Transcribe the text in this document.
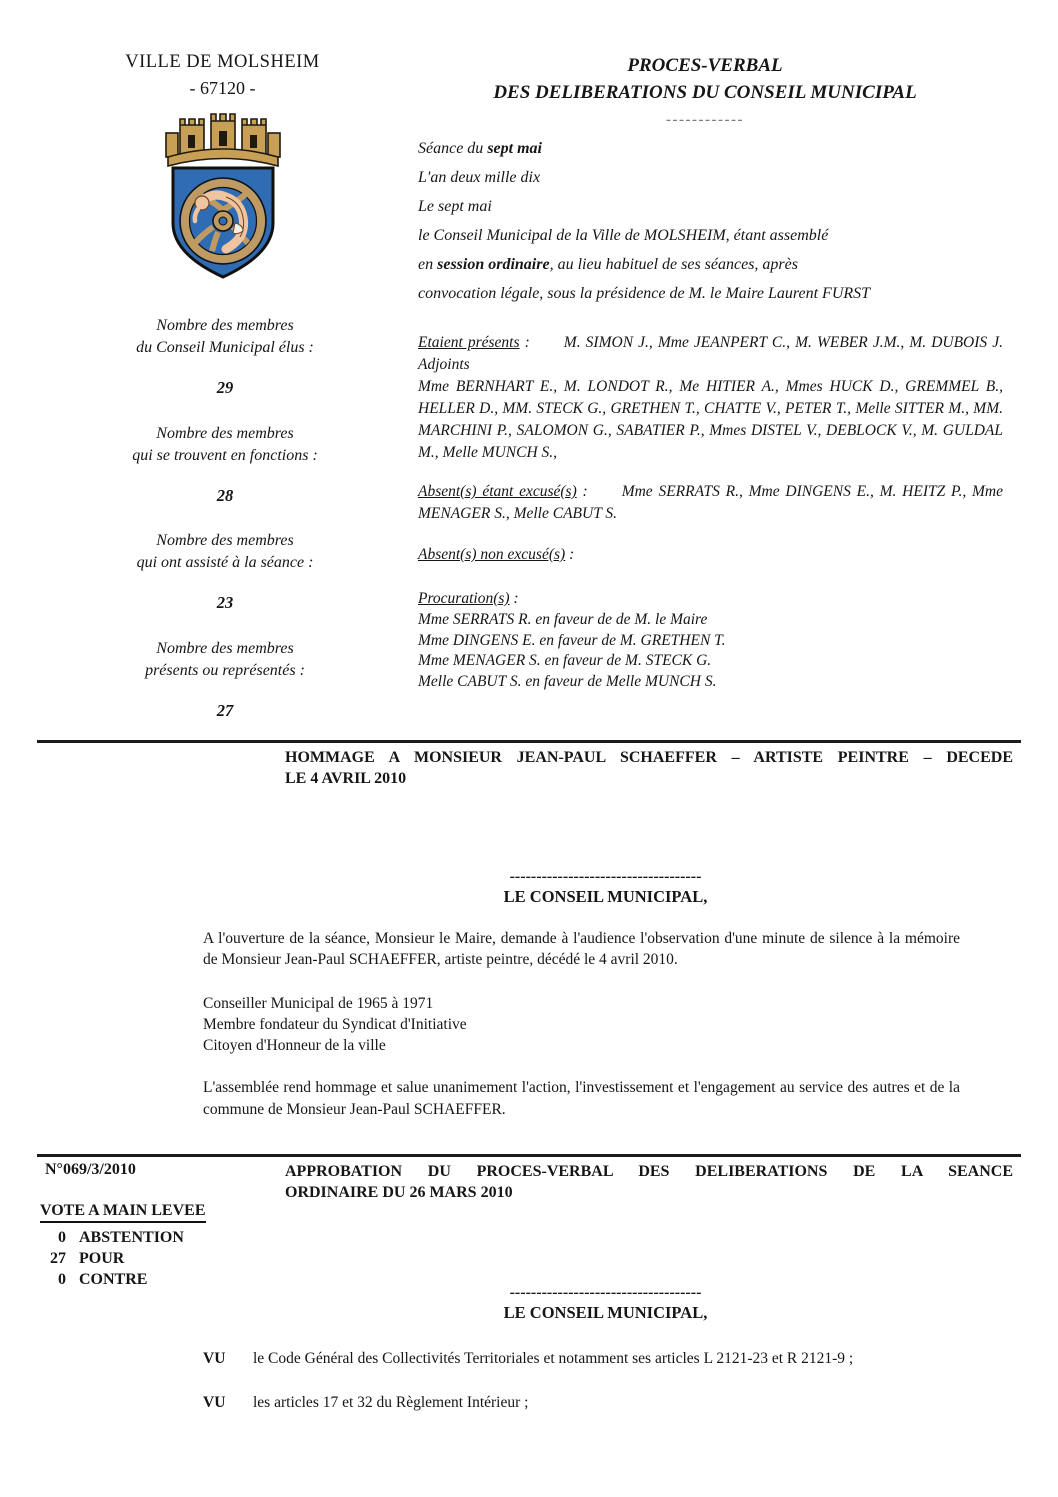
VILLE DE MOLSHEIM
- 67120 -
PROCES-VERBAL
DES DELIBERATIONS DU CONSEIL MUNICIPAL
------------
Séance du sept mai
L'an deux mille dix
Le sept mai
le Conseil Municipal de la Ville de MOLSHEIM, étant assemblé
en session ordinaire, au lieu habituel de ses séances, après
convocation légale, sous la présidence de M. le Maire Laurent FURST
Nombre des membres
du Conseil Municipal élus :
29
Nombre des membres
qui se trouvent en fonctions :
28
Nombre des membres
qui ont assisté à la séance :
23
Nombre des membres
présents ou représentés :
27

Etaient présents : M. SIMON J., Mme JEANPERT C., M. WEBER J.M., M. DUBOIS J. Adjoints

Mme BERNHART E., M. LONDOT R., Me HITIER A., Mmes HUCK D., GREMMEL B., HELLER D., MM. STECK G., GRETHEN T., CHATTE V., PETER T., Melle SITTER M., MM. MARCHINI P., SALOMON G., SABATIER P., Mmes DISTEL V., DEBLOCK V., M. GULDAL M., Melle MUNCH S.,

Absent(s) étant excusé(s) : Mme SERRATS R., Mme DINGENS E., M. HEITZ P., Mme MENAGER S., Melle CABUT S.

Absent(s) non excusé(s) :

Procuration(s) :

Mme SERRATS R. en faveur de de M. le Maire
Mme DINGENS E. en faveur de M. GRETHEN T.
Mme MENAGER S. en faveur de M. STECK G.
Melle CABUT S. en faveur de Melle MUNCH S.
HOMMAGE A MONSIEUR JEAN-PAUL SCHAEFFER – ARTISTE PEINTRE – DECEDE
LE 4 AVRIL 2010
------------------------------------
LE CONSEIL MUNICIPAL,

A l'ouverture de la séance, Monsieur le Maire, demande à l'audience l'observation d'une minute de silence à la mémoire de Monsieur Jean-Paul SCHAEFFER, artiste peintre, décédé le 4 avril 2010.

Conseiller Municipal de 1965 à 1971
Membre fondateur du Syndicat d'Initiative
Citoyen d'Honneur de la ville

L'assemblée rend hommage et salue unanimement l'action, l'investissement et l'engagement au service des autres et de la commune de Monsieur Jean-Paul SCHAEFFER.

N°069/3/2010	APPROBATION DU PROCES-VERBAL DES DELIBERATIONS DE LA SEANCE
ORDINAIRE DU 26 MARS 2010
VOTE A MAIN LEVEE
0 ABSTENTION
27 POUR
0 CONTRE
------------------------------------
LE CONSEIL MUNICIPAL,
VU	le Code Général des Collectivités Territoriales et notamment ses articles L 2121-23 et R 2121-9 ;
VU	les articles 17 et 32 du Règlement Intérieur ;
